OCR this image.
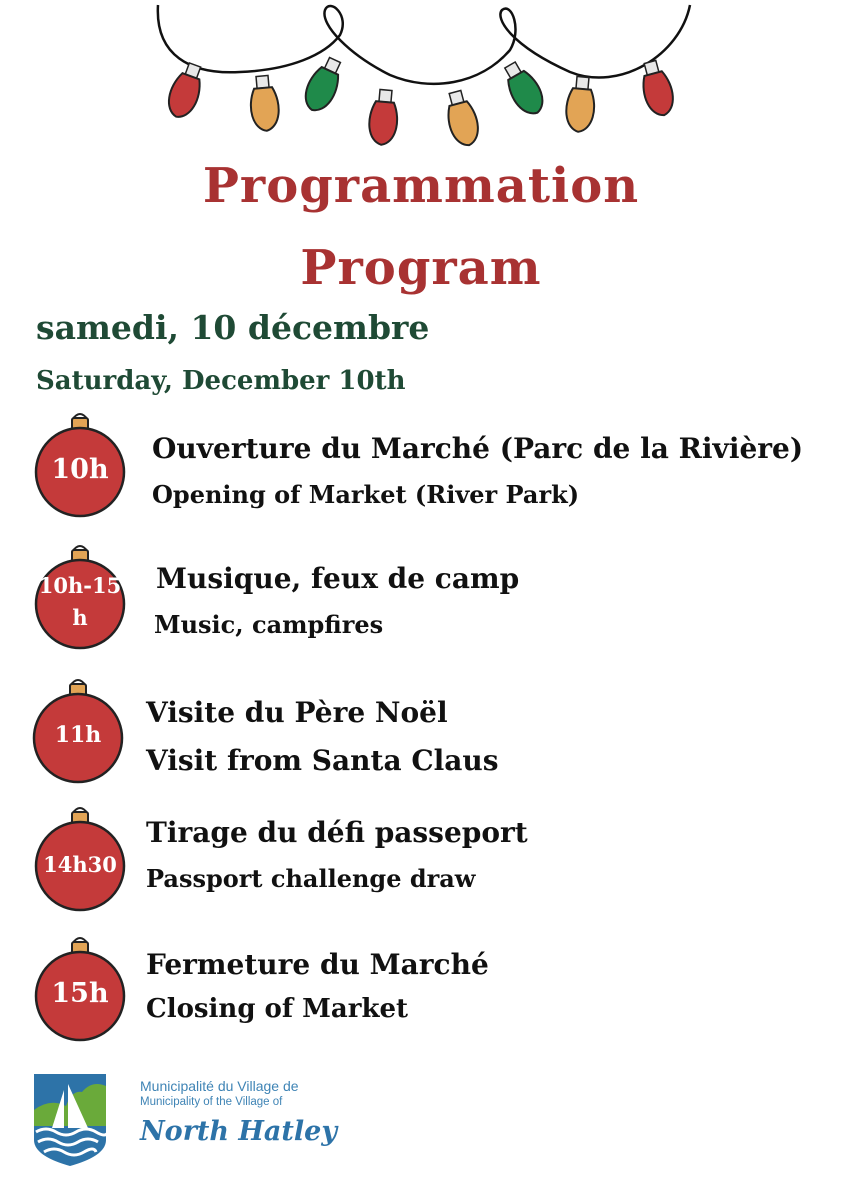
Programmation
Program
samedi, 10 décembre
Saturday, December 10th
10h
Ouverture du Marché (Parc de la Rivière)
Opening of Market (River Park)
10h-15h
Musique, feux de camp
Music, campfires
11h
Visite du Père Noël
Visit from Santa Claus
14h30
Tirage du défi passeport
Passport challenge draw
15h
Fermeture du Marché
Closing of Market
Municipalité du Village de
Municipality of the Village of
North Hatley
